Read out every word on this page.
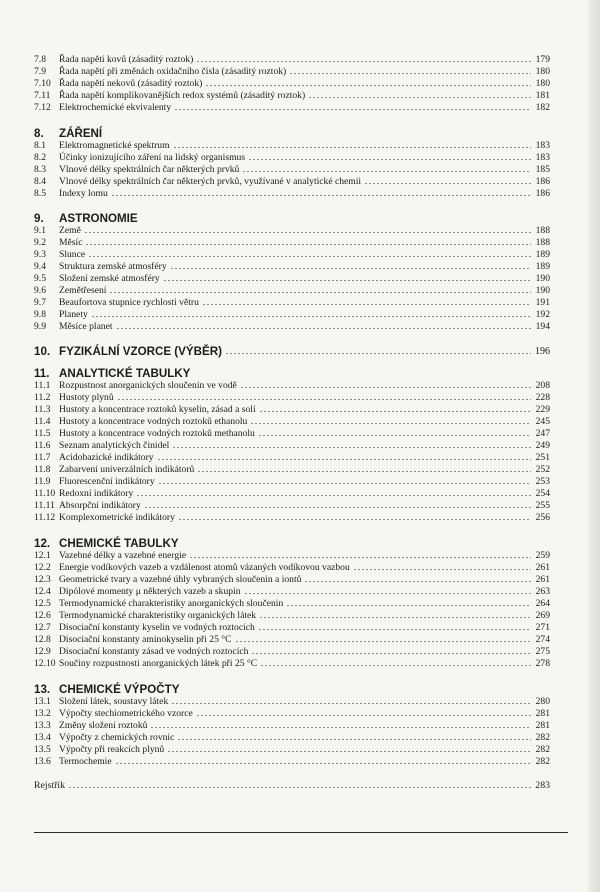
7.8	Řada napětí kovů (zásaditý roztok)	179
7.9	Řada napětí při změnách oxidačního čísla (zásaditý roztok)	180
7.10 Řada napětí nekovů (zásaditý roztok)	180
7.11 Řada napětí komplikovanějších redox systémů (zásaditý roztok)	181
7.12 Elektrochemické ekvivalenty	182
8.	ZÁŘENÍ
8.1	Elektromagnetické spektrum	183
8.2	Účinky ionizujícího záření na lidský organismus	183
8.3	Vlnové délky spektrálních čar některých prvků	185
8.4	Vlnové délky spektrálních čar některých prvků, využívané v analytické chemii	186
8.5	Indexy lomu	186
9.	ASTRONOMIE
9.1	Země	188
9.2	Měsíc	188
9.3	Slunce	189
9.4	Struktura zemské atmosféry	189
9.5	Složení zemské atmosféry	190
9.6	Zemětřesení	190
9.7	Beaufortova stupnice rychlosti větru	191
9.8	Planety	192
9.9	Měsíce planet	194
10. FYZIKÁLNÍ VZORCE (VÝBĚR)	196
11. ANALYTICKÉ TABULKY
11.1 Rozpustnost anorganických sloučenin ve vodě	208
11.2 Hustoty plynů	228
11.3 Hustoty a koncentrace roztoků kyselin, zásad a solí	229
11.4 Hustoty a koncentrace vodných roztoků ethanolu	245
11.5 Hustoty a koncentrace vodných roztoků methanolu	247
11.6 Seznam analytických činidel	249
11.7 Acidobazické indikátory	251
11.8 Zabarvení univerzálních indikátorů	252
11.9 Fluorescenční indikátory	253
11.10 Redoxní indikátory	254
11.11 Absorpční indikátory	255
11.12 Komplexometrické indikátory	256
12. CHEMICKÉ TABULKY
12.1 Vazebné délky a vazebné energie	259
12.2 Energie vodíkových vazeb a vzdálenost atomů vázaných vodíkovou vazbou	261
12.3 Geometrické tvary a vazebné úhly vybraných sloučenin a iontů	261
12.4 Dipólové momenty μ některých vazeb a skupin	263
12.5 Termodynamické charakteristiky anorganických sloučenin	264
12.6 Termodynamické charakteristiky organických látek	269
12.7 Disociační konstanty kyselin ve vodných roztocích	271
12.8 Disociační konstanty aminokyselin při 25 °C	274
12.9 Disociační konstanty zásad ve vodných roztocích	275
12.10 Součiny rozpustnosti anorganických látek při 25 °C	278
13. CHEMICKÉ VÝPOČTY
13.1 Složení látek, soustavy látek	280
13.2 Výpočty stechiometrického vzorce	281
13.3 Změny složení roztoků	281
13.4 Výpočty z chemických rovnic	282
13.5 Výpočty při reakcích plynů	282
13.6 Termochemie	282
Rejstřík	283
